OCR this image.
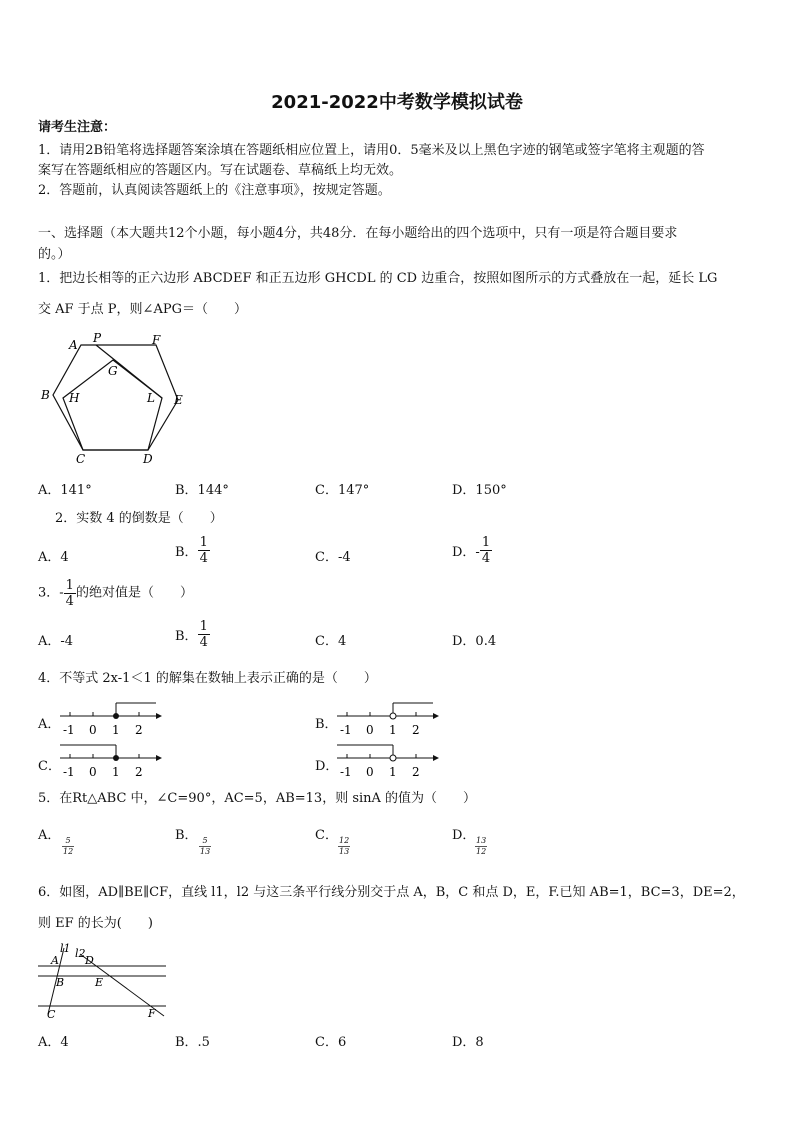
2021-2022中考数学模拟试卷
请考生注意：
1．请用2B铅笔将选择题答案涂填在答题纸相应位置上，请用0．5毫米及以上黑色字迹的钢笔或签字笔将主观题的答
案写在答题纸相应的答题区内。写在试题卷、草稿纸上均无效。
2．答题前，认真阅读答题纸上的《注意事项》，按规定答题。
一、选择题（本大题共12个小题，每小题4分，共48分．在每小题给出的四个选项中，只有一项是符合题目要求
的。）
1．把边长相等的正六边形 ABCDEF 和正五边形 GHCDL 的 CD 边重合，按照如图所示的方式叠放在一起，延长 LG
交 AF 于点 P，则∠APG＝（　　）
A P	F
G
B H	L E
C	D
A．141°	B．144°	C．147°	D．150°
2．实数 4 的倒数是（　　）
A．4	B． $\frac{1}{4}$	C．-4	D．- $\frac{1}{4}$
3．- $\frac{1}{4}$ 的绝对值是（　　）
A．-4	B． $\frac{1}{4}$	C．4	D．0.4
4．不等式 2x-1＜1 的解集在数轴上表示正确的是（　　）
A． -1 0 1 2	B． -1 0 1 2
C． -1 0 1 2	D． -1 0 1 2
5．在Rt△ABC 中，∠C=90°，AC=5，AB=13，则 sinA 的值为（　　）
A．
$\frac{5}{12}$
B．
$\frac{5}{13}$
C．
$\frac{12}{13}$
D．
$\frac{13}{12}$
6．如图，AD∥BE∥CF，直线 l1，l2 与这三条平行线分别交于点 A，B，C 和点 D，E，F.已知 AB=1，BC=3，DE=2，
则 EF 的长为(　　)
l1 l2
A D
B	E
C	F
A．4	B．.5	C．6	D．8
